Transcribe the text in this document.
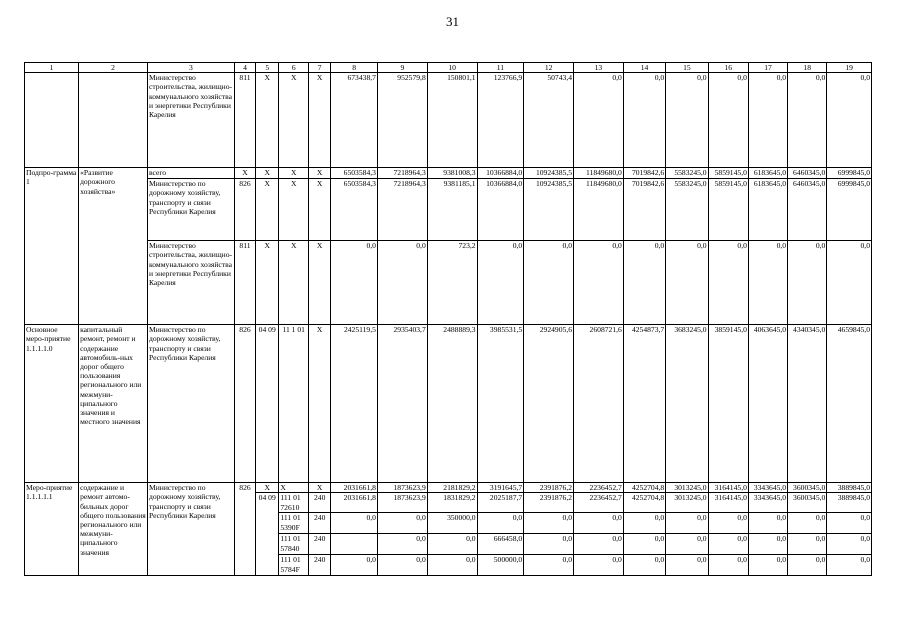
31
1	2	3	4	5	6	7	8	9	10	11	12	13	14	15	16	17	18	19
		Министерство строительства, жилищно-коммунального хозяйства и энергетики Республики Карелия	811	X	X	X	673438,7	952579,8	150801,1	123766,9	50743,4	0,0	0,0	0,0	0,0	0,0	0,0	0,0
Подпро-грамма 1	«Развитие дорожного хозяйства»	всего	X	X	X	X	6503584,3	7218964,3	9381008,3	10366884,0	10924385,5	11849680,0	7019842,6	5583245,0	5859145,0	6183645,0	6460345,0	6999845,0
		Министерство по дорожному хозяйству, транспорту и связи Республики Карелия	826	X	X	X	6503584,3	7218964,3	9381185,1	10366884,0	10924385,5	11849680,0	7019842,6	5583245,0	5859145,0	6183645,0	6460345,0	6999845,0
		Министерство строительства, жилищно-коммунального хозяйства и энергетики Республики Карелия	811	X	X	X	0,0	0,0	723,2	0,0	0,0	0,0	0,0	0,0	0,0	0,0	0,0	0,0
Основное меро-приятие 1.1.1.1.0	капитальный ремонт, ремонт и содержание автомобиль-ных дорог общего пользования регионального или межмуни-ципального значения и местного значения	Министерство по дорожному хозяйству, транспорту и связи Республики Карелия	826	04 09	11 1 01	X	2425119,5	2935403,7	2488889,3	3985531,5	2924905,6	2608721,6	4254873,7	3683245,0	3859145,0	4063645,0	4340345,0	4659845,0
Меро-приятие 1.1.1.1.1	содержание и ремонт автомо-бильных дорог общего пользования регионального или межмуни-ципального значения	Министерство по дорожному хозяйству, транспорту и связи Республики Карелия	826	X	X	X	2031661,8	1873623,9	2181829,2	3191645,7	2391876,2	2236452,7	4252704,8	3013245,0	3164145,0	3343645,0	3600345,0	3889845,0
				04 09	111 01 72610	240	2031661,8	1873623,9	1831829,2	2025187,7	2391876,2	2236452,7	4252704,8	3013245,0	3164145,0	3343645,0	3600345,0	3889845,0
					111 01 5390F	240	0,0	0,0	350000,0	0,0	0,0	0,0	0,0	0,0	0,0	0,0	0,0	0,0
					111 01 57840	240		0,0	0,0	666458,0	0,0	0,0	0,0	0,0	0,0	0,0	0,0	0,0
					111 01 5784F	240	0,0	0,0	0,0	500000,0	0,0	0,0	0,0	0,0	0,0	0,0	0,0	0,0
